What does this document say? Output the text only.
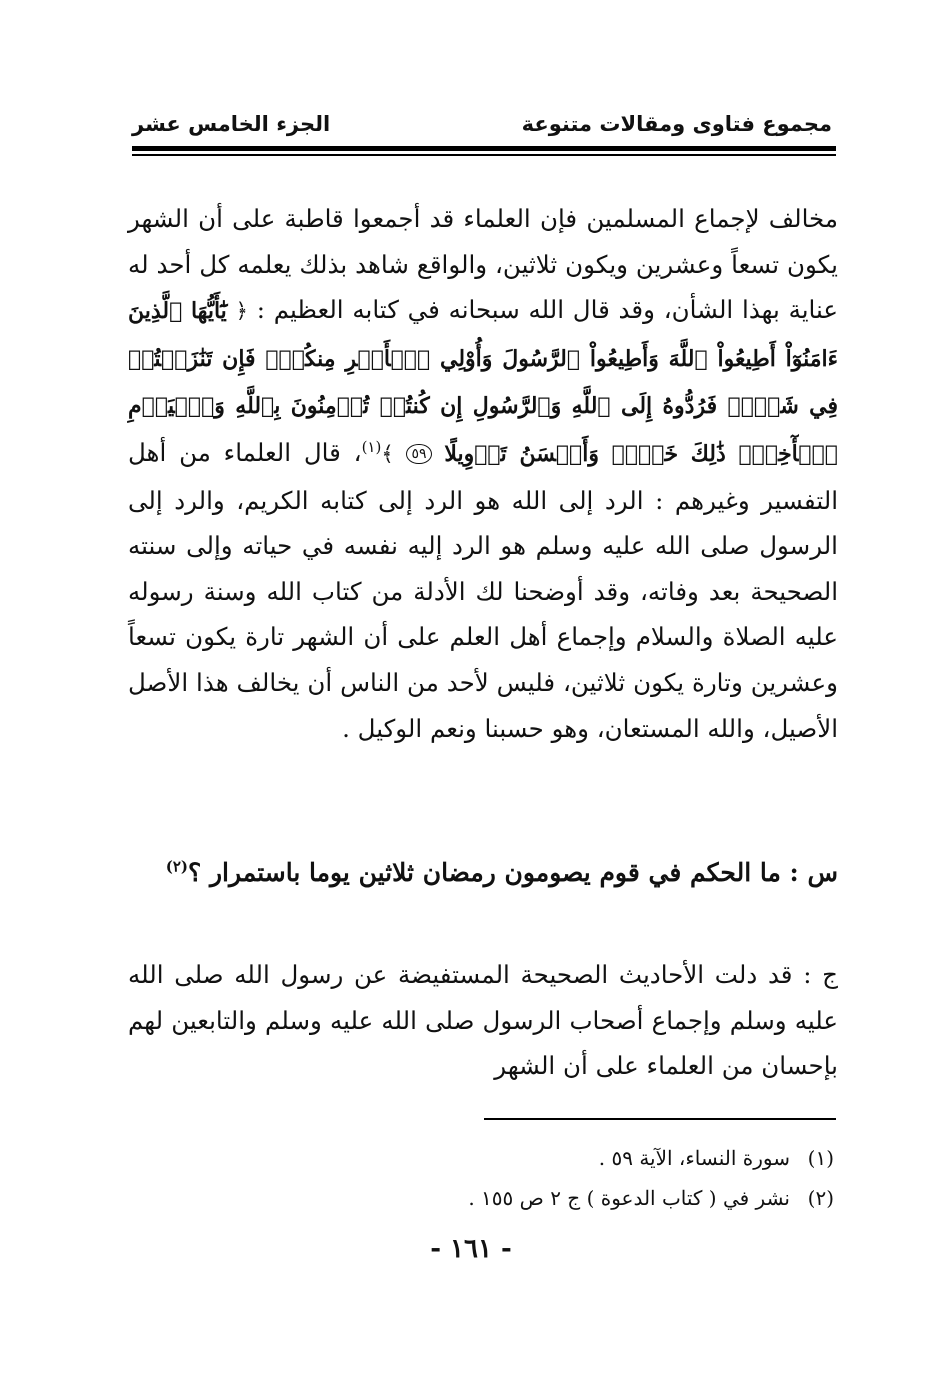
مجموع فتاوى ومقالات متنوعة
الجزء الخامس عشر

مخالف لإجماع المسلمين فإن العلماء قد أجمعوا قاطبة على أن الشهر يكون تسعاً وعشرين ويكون ثلاثين، والواقع شاهد بذلك يعلمه كل أحد له عناية بهذا الشأن، وقد قال الله سبحانه في كتابه العظيم : ﴿ يَٰٓأَيُّهَا ٱلَّذِينَ ءَامَنُوٓاْ أَطِيعُواْ ٱللَّهَ وَأَطِيعُواْ ٱلرَّسُولَ وَأُوْلِي ٱلۡأَمۡرِ مِنكُمۡۖ فَإِن تَنَٰزَعۡتُمۡ فِي شَيۡءٖ فَرُدُّوهُ إِلَى ٱللَّهِ وَٱلرَّسُولِ إِن كُنتُمۡ تُؤۡمِنُونَ بِٱللَّهِ وَٱلۡيَوۡمِ ٱلۡأٓخِرِۚ ذَٰلِكَ خَيۡرٞ وَأَحۡسَنُ تَأۡوِيلًا ٥٩ ﴾$^{(١)}$، قال العلماء من أهل التفسير وغيرهم : الرد إلى الله هو الرد إلى كتابه الكريم، والرد إلى الرسول صلى الله عليه وسلم هو الرد إليه نفسه في حياته وإلى سنته الصحيحة بعد وفاته، وقد أوضحنا لك الأدلة من كتاب الله وسنة رسوله عليه الصلاة والسلام وإجماع أهل العلم على أن الشهر تارة يكون تسعاً وعشرين وتارة يكون ثلاثين، فليس لأحد من الناس أن يخالف هذا الأصل الأصيل، والله المستعان، وهو حسبنا ونعم الوكيل .

س : ما الحكم في قوم يصومون رمضان ثلاثين يوما باستمرار ؟$^{(٢)}$
ج : قد دلت الأحاديث الصحيحة المستفيضة عن رسول الله صلى الله عليه وسلم وإجماع أصحاب الرسول صلى الله عليه وسلم والتابعين لهم بإحسان من العلماء على أن الشهر
(١)
سورة النساء، الآية ٥٩ .
(٢)
نشر في ( كتاب الدعوة ) ج ٢ ص ١٥٥ .
- ١٦١ -
